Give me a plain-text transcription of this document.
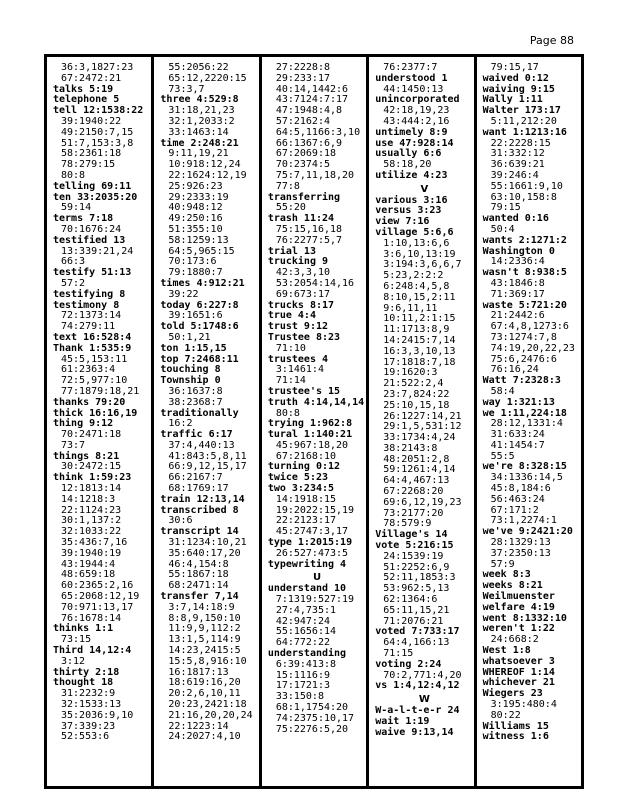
Page 88
36:3,1827:23
67:2472:21
talks 5:19
telephone 5
tell 12:1538:22
39:1940:22
49:2150:7,15
51:7,153:3,8
58:2361:18
78:279:15
80:8
telling 69:11
ten 33:2035:20
59:14
terms 7:18
70:1676:24
testified 13
13:339:21,24
66:3
testify 51:13
57:2
testifying 8
testimony 8
72:1373:14
74:279:11
text 16:528:4
Thank 1:535:9
45:5,153:11
61:2363:4
72:5,977:10
77:1879:18,21
thanks 79:20
thick 16:16,19
thing 9:12
70:2471:18
73:7
things 8:21
30:2472:15
think 1:59:23
12:1813:14
14:1218:3
22:1124:23
30:1,137:2
32:1033:22
35:436:7,16
39:1940:19
43:1944:4
48:659:18
60:2365:2,16
65:2068:12,19
70:971:13,17
76:1678:14
thinks 1:1
73:15
Third 14,12:4
3:12
thirty 2:18
thought 18
31:2232:9
32:1533:13
35:2036:9,10
37:339:23
52:553:6
55:2056:22
65:12,2220:15
73:3,7
three 4:529:8
31:18,21,23
32:1,2033:2
33:1463:14
time 2:248:21
9:11,19,21
10:918:12,24
22:1624:12,19
25:926:23
29:2333:19
40:948:12
49:250:16
51:355:10
58:1259:13
64:5,965:15
70:173:6
79:1880:7
times 4:912:21
39:22
today 6:227:8
39:1651:6
told 5:1748:6
50:1,21
ton 1:15,15
top 7:2468:11
touching 8
Township 0
36:1637:8
38:2368:7
traditionally
16:2
traffic 6:17
37:4,440:13
41:843:5,8,11
66:9,12,15,17
66:2167:7
68:1769:17
train 12:13,14
transcribed 8
30:6
transcript 14
31:1234:10,21
35:640:17,20
46:4,154:8
55:1867:18
68:2471:14
transfer 7,14
3:7,14:18:9
8:8,9,150:10
11:9,9,112:2
13:1,5,114:9
14:23,2415:5
15:5,8,916:10
16:1817:13
18:619:16,20
20:2,6,10,11
20:23,2421:18
21:16,20,20,24
22:1223:14
24:2027:4,10
27:2228:8
29:233:17
40:14,1442:6
43:7124:7:17
47:1948:4,8
57:2162:4
64:5,1166:3,10
66:1367:6,9
67:2069:18
70:2374:5
75:7,11,18,20
77:8
transferring
55:20
trash 11:24
75:15,16,18
76:2277:5,7
trial 13
trucking 9
42:3,3,10
53:2054:14,16
69:673:17
trucks 8:17
true 4:4
trust 9:12
Trustee 8:23
71:10
trustees 4
3:1461:4
71:14
trustee's 15
truth 4:14,14,14
80:8
trying 1:962:8
tural 1:140:21
45:967:18,20
67:2168:10
turning 0:12
twice 5:23
two 3:234:5
14:1918:15
19:2022:15,19
22:2123:17
45:2747:3,17
type 1:2015:19
26:527:473:5
typewriting 4
U
understand 10
7:1319:527:19
27:4,735:1
42:947:24
55:1656:14
64:772:22
understanding
6:39:413:8
15:1116:9
17:1721:3
33:150:8
68:1,1754:20
74:2375:10,17
75:2276:5,20
76:2377:7
understood 1
44:1450:13
unincorporated
42:18,19,23
43:444:2,16
untimely 8:9
use 47:928:14
usually 6:6
58:18,20
utilize 4:23
V
various 3:16
versus 3:23
view 7:16
village 5:6,6
1:10,13:6,6
3:6,10,13:19
3:194:3,6,6,7
5:23,2:2:2
6:248:4,5,8
8:10,15,2:11
9:6,11,11
10:11,2:1:15
11:1713:8,9
14:2415:7,14
16:3,3,10,13
17:1818:7,18
19:1620:3
21:522:2,4
23:7,824:22
25:10,15,18
26:1227:14,21
29:1,5,531:12
33:1734:4,24
38:2143:8
48:2051:2,8
59:1261:4,14
64:4,467:13
67:2268:20
69:6,12,19,23
73:2177:20
78:579:9
Village's 14
vote 5:216:15
24:1539:19
51:2252:6,9
52:11,1853:3
53:962:5,13
62:1364:6
65:11,15,21
71:2076:21
voted 7:733:17
64:4,166:13
71:15
voting 2:24
70:2,771:4,20
vs 1:4,12:4,12
W
W-a-l-t-e-r 24
wait 1:19
waive 9:13,14
79:15,17
waived 0:12
waiving 9:15
Wally 1:11
Walter 173:17
5:11,212:20
want 1:1213:16
22:2228:15
31:332:12
36:639:21
39:246:4
55:1661:9,10
63:10,158:8
79:15
wanted 0:16
50:4
wants 2:1271:2
Washington 0
14:2336:4
wasn't 8:938:5
43:1846:8
71:369:17
waste 5:721:20
21:2442:6
67:4,8,1273:6
73:1274:7,8
74:19,20,22,23
75:6,2476:6
76:16,24
Watt 7:2328:3
58:4
way 1:321:13
we 1:11,224:18
28:12,1331:4
31:633:24
41:1454:7
55:5
we're 8:328:15
34:1336:14,5
45:8,184:6
56:463:24
67:171:2
73:1,2274:1
we've 9:2421:20
28:1329:13
37:2350:13
57:9
week 8:3
weeks 8:21
Weilmuenster
welfare 4:19
went 8:1332:10
weren't 1:22
24:668:2
West 1:8
whatsoever 3
WHEREOF 1:14
whichever 21
Wiegers 23
3:195:480:4
80:22
Williams 15
witness 1:6
